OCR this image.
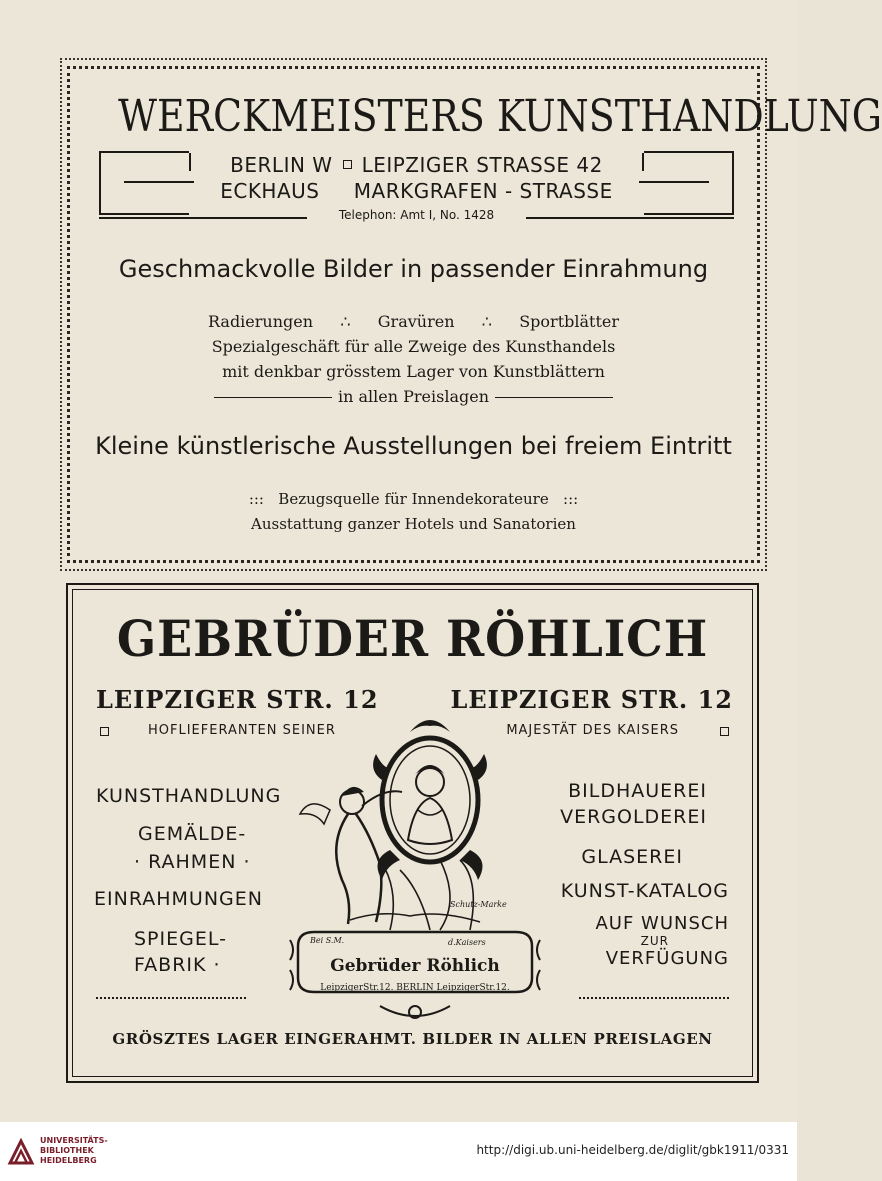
WERCKMEISTERS KUNSTHANDLUNG
BERLIN W LEIPZIGER STRASSE 42
ECKHAUS MARKGRAFEN - STRASSE
Telephon: Amt I, No. 1428
Geschmackvolle Bilder in passender Einrahmung
Radierungen ∴ Gravüren ∴ Sportblätter
Spezialgeschäft für alle Zweige des Kunsthandels
mit denkbar grösstem Lager von Kunstblättern
in allen Preislagen
Kleine künstlerische Ausstellungen bei freiem Eintritt
::: Bezugsquelle für Innendekorateure :::
Ausstattung ganzer Hotels und Sanatorien
GEBRÜDER RÖHLICH
LEIPZIGER STR. 12	LEIPZIGER STR. 12
HOFLIEFERANTEN SEINER	MAJESTÄT DES KAISERS
KUNSTHANDLUNG
GEMÄLDE-
· RAHMEN ·
EINRAHMUNGEN
SPIEGEL-
FABRIK ·
BILDHAUEREI
VERGOLDEREI
GLASEREI
KUNST-KATALOG
AUF WUNSCH
ZUR
VERFÜGUNG
Gebrüder Röhlich
LeipzigerStr.12. BERLIN LeipzigerStr.12.
Bei S.M.	d.Kaisers
Schutz-Marke
GRÖSZTES LAGER EINGERAHMT. BILDER IN ALLEN PREISLAGEN
UNIVERSITÄTS-
BIBLIOTHEK
HEIDELBERG
http://digi.ub.uni-heidelberg.de/diglit/gbk1911/0331
